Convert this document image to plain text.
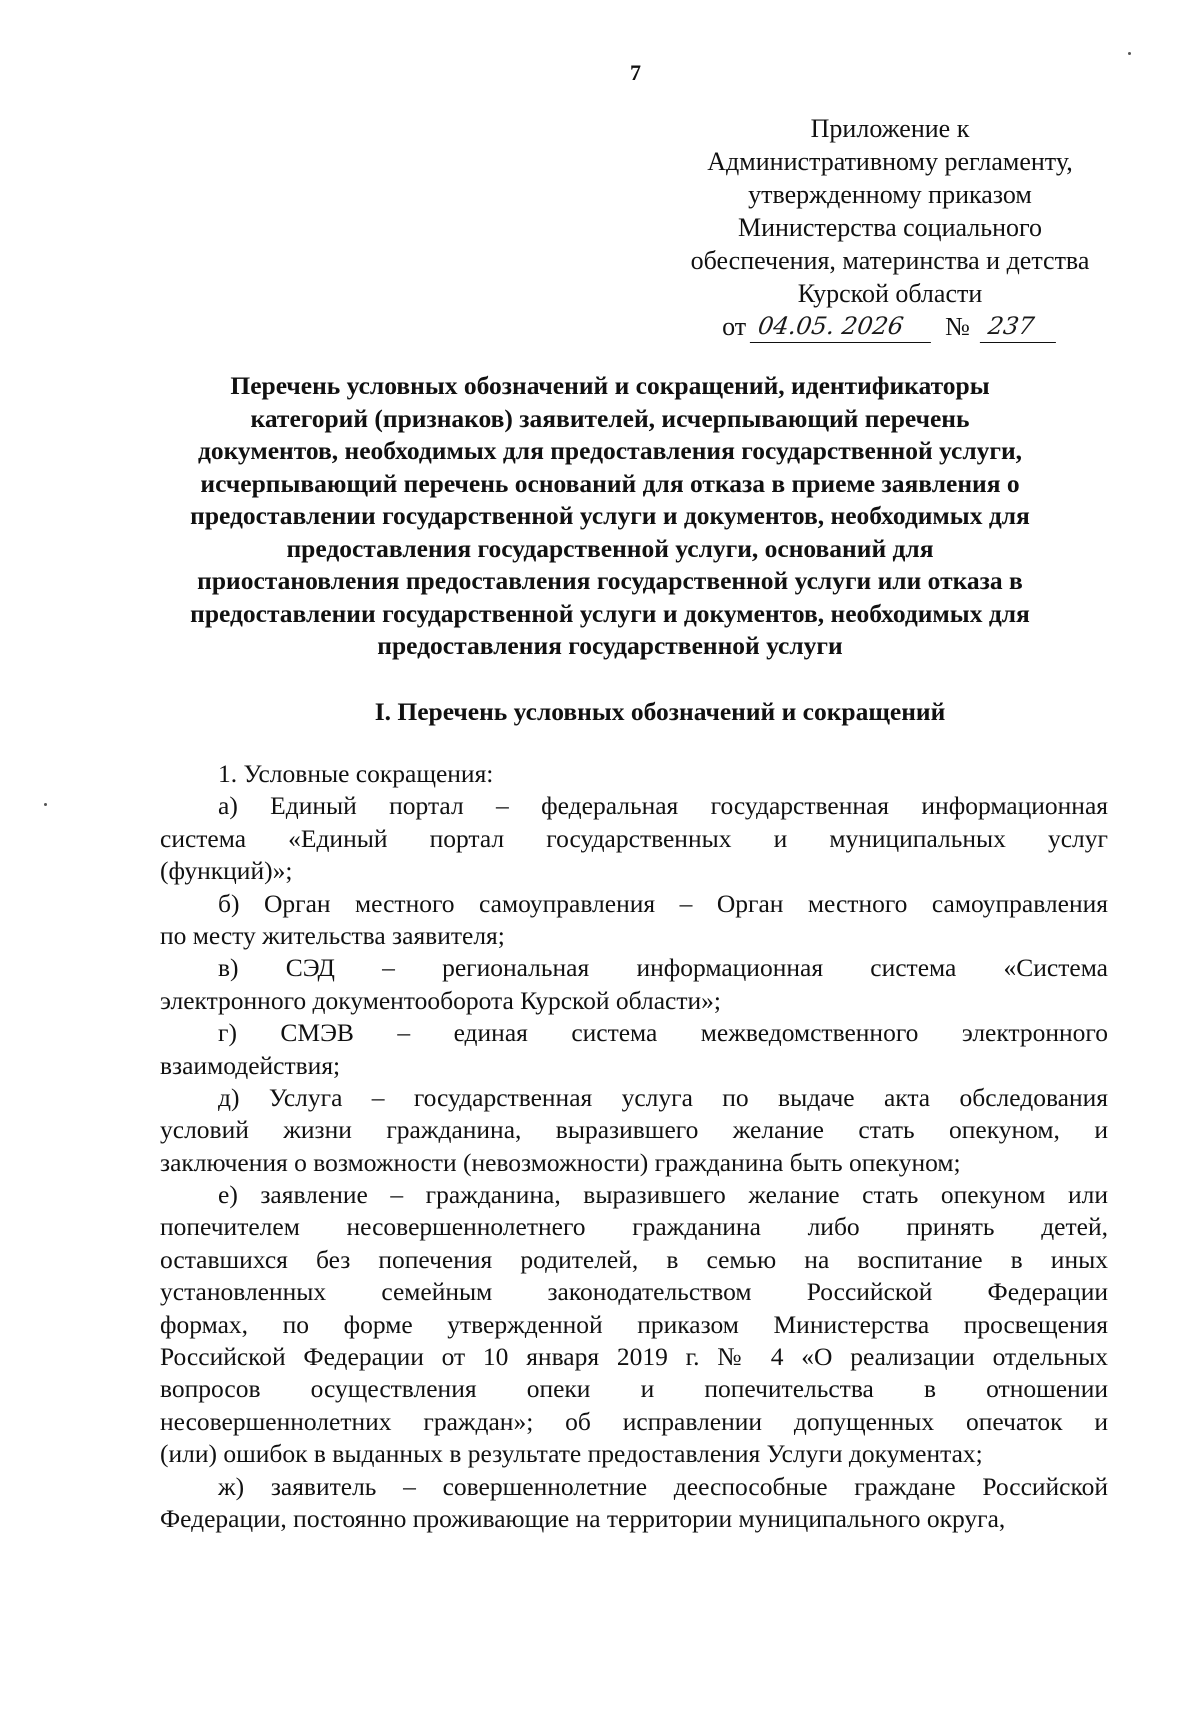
7
Приложение к
Административному регламенту,
утвержденному приказом
Министерства социального
обеспечения, материнства и детства
Курской области
от 04.05. 2026	№ 237
Перечень условных обозначений и сокращений, идентификаторы
категорий (признаков) заявителей, исчерпывающий перечень
документов, необходимых для предоставления государственной услуги,
исчерпывающий перечень оснований для отказа в приеме заявления о
предоставлении государственной услуги и документов, необходимых для
предоставления государственной услуги, оснований для
приостановления предоставления государственной услуги или отказа в
предоставлении государственной услуги и документов, необходимых для
предоставления государственной услуги
I. Перечень условных обозначений и сокращений
1. Условные сокращения:
а) Единый портал – федеральная государственная информационная
система «Единый портал государственных и муниципальных услуг
(функций)»;
б) Орган местного самоуправления – Орган местного самоуправления
по месту жительства заявителя;
в) СЭД – региональная информационная система «Система
электронного документооборота Курской области»;
г) СМЭВ – единая система межведомственного электронного
взаимодействия;
д) Услуга – государственная услуга по выдаче акта обследования
условий жизни гражданина, выразившего желание стать опекуном, и
заключения о возможности (невозможности) гражданина быть опекуном;
е) заявление – гражданина, выразившего желание стать опекуном или
попечителем несовершеннолетнего гражданина либо принять детей,
оставшихся без попечения родителей, в семью на воспитание в иных
установленных семейным законодательством Российской Федерации
формах, по форме утвержденной приказом Министерства просвещения
Российской Федерации от 10 января 2019 г. № 4 «О реализации отдельных
вопросов осуществления опеки и попечительства в отношении
несовершеннолетних граждан»; об исправлении допущенных опечаток и
(или) ошибок в выданных в результате предоставления Услуги документах;
ж) заявитель – совершеннолетние дееспособные граждане Российской
Федерации, постоянно проживающие на территории муниципального округа,
